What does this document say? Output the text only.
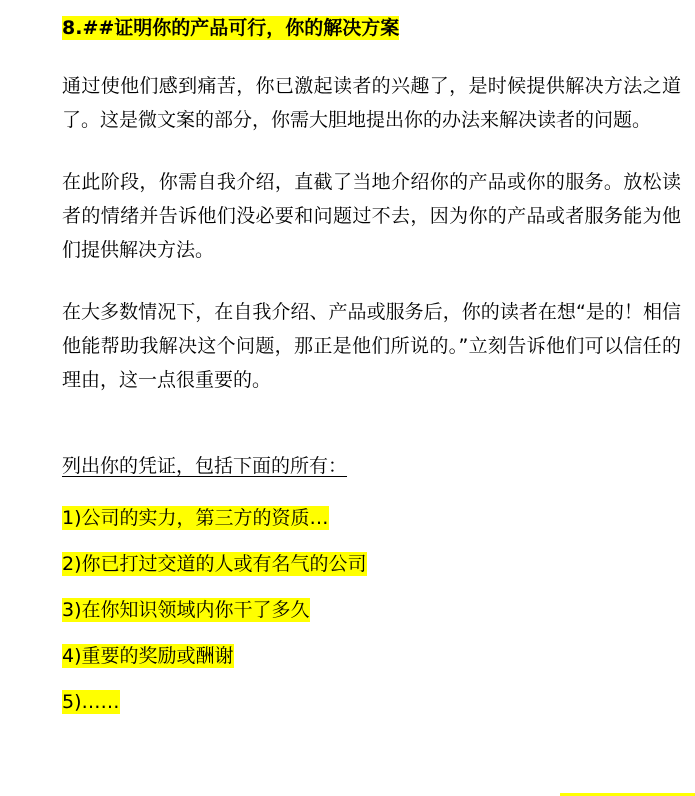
8.##证明你的产品可行，你的解决方案

通过使他们感到痛苦，你已激起读者的兴趣了，是时候提供解决方法之道了。这是微文案的部分，你需大胆地提出你的办法来解决读者的问题。

在此阶段，你需自我介绍，直截了当地介绍你的产品或你的服务。放松读者的情绪并告诉他们没必要和问题过不去，因为你的产品或者服务能为他们提供解决方法。

在大多数情况下，在自我介绍、产品或服务后，你的读者在想“是的！相信他能帮助我解决这个问题，那正是他们所说的。”立刻告诉他们可以信任的理由，这一点很重要的。

列出你的凭证，包括下面的所有：

1)公司的实力，第三方的资质…

2)你已打过交道的人或有名气的公司

3)在你知识领域内你干了多久

4)重要的奖励或酬谢

5)……
